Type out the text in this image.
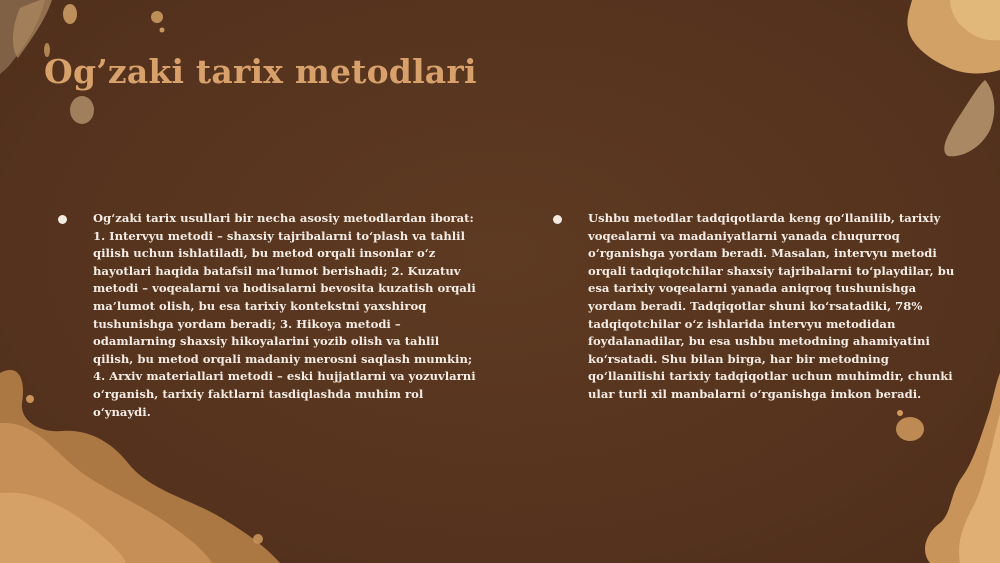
Og’zaki tarix metodlari
Og‘zaki tarix usullari bir necha asosiy metodlardan iborat: 1. Intervyu metodi – shaxsiy tajribalarni to‘plash va tahlil qilish uchun ishlatiladi, bu metod orqali insonlar o‘z hayotlari haqida batafsil ma’lumot berishadi; 2. Kuzatuv metodi – voqealarni va hodisalarni bevosita kuzatish orqali ma’lumot olish, bu esa tarixiy kontekstni yaxshiroq tushunishga yordam beradi; 3. Hikoya metodi – odamlarning shaxsiy hikoyalarini yozib olish va tahlil qilish, bu metod orqali madaniy merosni saqlash mumkin; 4. Arxiv materiallari metodi – eski hujjatlarni va yozuvlarni o‘rganish, tarixiy faktlarni tasdiqlashda muhim rol o‘ynaydi.
Ushbu metodlar tadqiqotlarda keng qo‘llanilib, tarixiy voqealarni va madaniyatlarni yanada chuqurroq o‘rganishga yordam beradi. Masalan, intervyu metodi orqali tadqiqotchilar shaxsiy tajribalarni to‘playdilar, bu esa tarixiy voqealarni yanada aniqroq tushunishga yordam beradi. Tadqiqotlar shuni ko‘rsatadiki, 78% tadqiqotchilar o‘z ishlarida intervyu metodidan foydalanadilar, bu esa ushbu metodning ahamiyatini ko‘rsatadi. Shu bilan birga, har bir metodning qo‘llanilishi tarixiy tadqiqotlar uchun muhimdir, chunki ular turli xil manbalarni o‘rganishga imkon beradi.
